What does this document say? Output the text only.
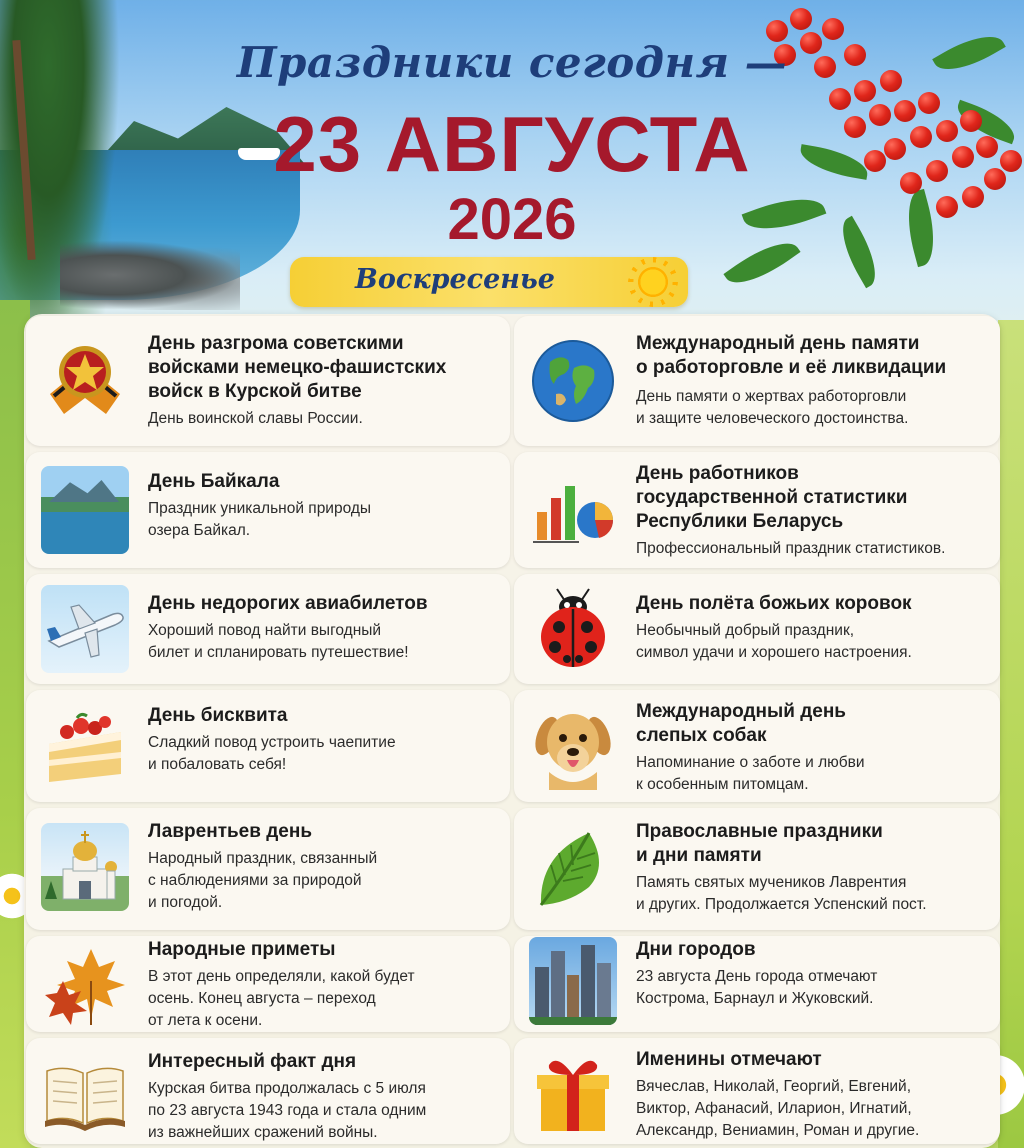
Праздники сегодня —
23 АВГУСТА
2026
Воскресенье
День разгрома советскими
войсками немецко-фашистских
войск в Курской битве

День воинской славы России.

День Байкала

Праздник уникальной природы
озера Байкал.

День недорогих авиабилетов

Хороший повод найти выгодный
билет и спланировать путешествие!

День бисквита

Сладкий повод устроить чаепитие
и побаловать себя!

Лаврентьев день

Народный праздник, связанный
с наблюдениями за природой
и погодой.

Народные приметы

В этот день определяли, какой будет
осень. Конец августа – переход
от лета к осени.

Интересный факт дня

Курская битва продолжалась с 5 июля
по 23 августа 1943 года и стала одним
из важнейших сражений войны.

Международный день памяти
о работорговле и её ликвидации

День памяти о жертвах работорговли
и защите человеческого достоинства.

День работников
государственной статистики
Республики Беларусь

Профессиональный праздник статистиков.

День полёта божьих коровок

Необычный добрый праздник,
символ удачи и хорошего настроения.

Международный день
слепых собак

Напоминание о заботе и любви
к особенным питомцам.

Православные праздники
и дни памяти

Память святых мучеников Лаврентия
и других. Продолжается Успенский пост.

Дни городов

23 августа День города отмечают
Кострома, Барнаул и Жуковский.

Именины отмечают

Вячеслав, Николай, Георгий, Евгений,
Виктор, Афанасий, Иларион, Игнатий,
Александр, Вениамин, Роман и другие.
